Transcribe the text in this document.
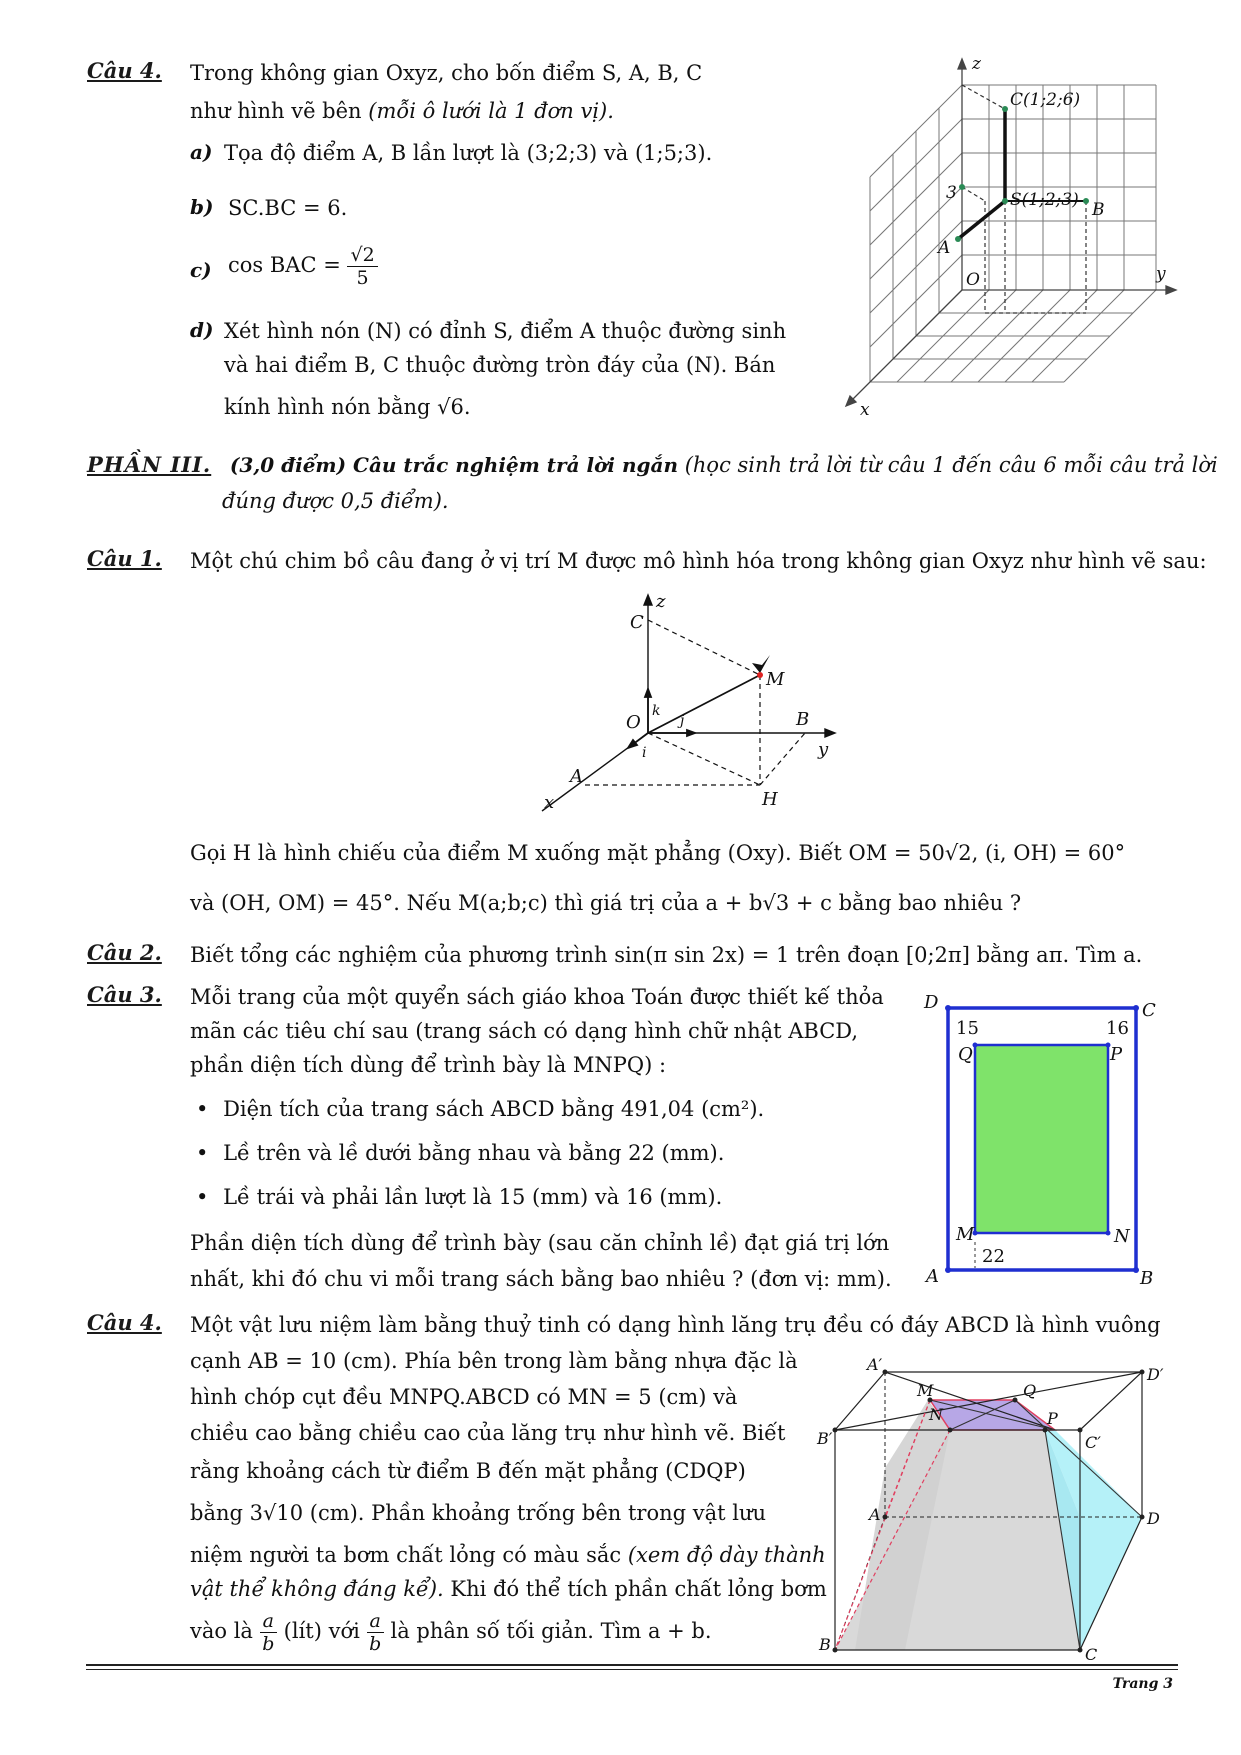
Câu 4. Trong không gian Oxyz, cho bốn điểm S, A, B, C
như hình vẽ bên (mỗi ô lưới là 1 đơn vị).
a) Tọa độ điểm A, B lần lượt là (3;2;3) và (1;5;3).
b) SC.BC = 6.
c) cos BAC = $\frac{√2}{5}$
d) Xét hình nón (N) có đỉnh S, điểm A thuộc đường sinh
và hai điểm B, C thuộc đường tròn đáy của (N). Bán
kính hình nón bằng √6.
z
y
x
C(1;2;6)
S(1;2;3) B
A
O
3
PHẦN III. (3,0 điểm) Câu trắc nghiệm trả lời ngắn (học sinh trả lời từ câu 1 đến câu 6 mỗi câu trả lời
đúng được 0,5 điểm).
Câu 1. Một chú chim bồ câu đang ở vị trí M được mô hình hóa trong không gian Oxyz như hình vẽ sau:
z
C
M
k
O	j	B
y
i
A
x	H
Gọi H là hình chiếu của điểm M xuống mặt phẳng (Oxy). Biết OM = 50√2, (i, OH) = 60°
và (OH, OM) = 45°. Nếu M(a;b;c) thì giá trị của a + b√3 + c bằng bao nhiêu ?
Câu 2. Biết tổng các nghiệm của phương trình sin(π sin 2x) = 1 trên đoạn [0;2π] bằng aπ. Tìm a.
Câu 3. Mỗi trang của một quyển sách giáo khoa Toán được thiết kế thỏa
mãn các tiêu chí sau (trang sách có dạng hình chữ nhật ABCD,
phần diện tích dùng để trình bày là MNPQ) :
• Diện tích của trang sách ABCD bằng 491,04 (cm²).
• Lề trên và lề dưới bằng nhau và bằng 22 (mm).
• Lề trái và phải lần lượt là 15 (mm) và 16 (mm).
Phần diện tích dùng để trình bày (sau căn chỉnh lề) đạt giá trị lớn
nhất, khi đó chu vi mỗi trang sách bằng bao nhiêu ? (đơn vị: mm).
D	C
15	16
Q	P
M	N
22
A	B
Câu 4. Một vật lưu niệm làm bằng thuỷ tinh có dạng hình lăng trụ đều có đáy ABCD là hình vuông
cạnh AB = 10 (cm). Phía bên trong làm bằng nhựa đặc là
hình chóp cụt đều MNPQ.ABCD có MN = 5 (cm) và
chiều cao bằng chiều cao của lăng trụ như hình vẽ. Biết
rằng khoảng cách từ điểm B đến mặt phẳng (CDQP)
bằng 3√10 (cm). Phần khoảng trống bên trong vật lưu
niệm người ta bơm chất lỏng có màu sắc (xem độ dày thành
vật thể không đáng kể). Khi đó thể tích phần chất lỏng bơm
vào là $\frac{a}{b}$ (lít) với $\frac{a}{b}$ là phân số tối giản. Tìm a + b.
A′
D′
M	Q
N	P
B′	C′
A	D
B
C
Trang 3
